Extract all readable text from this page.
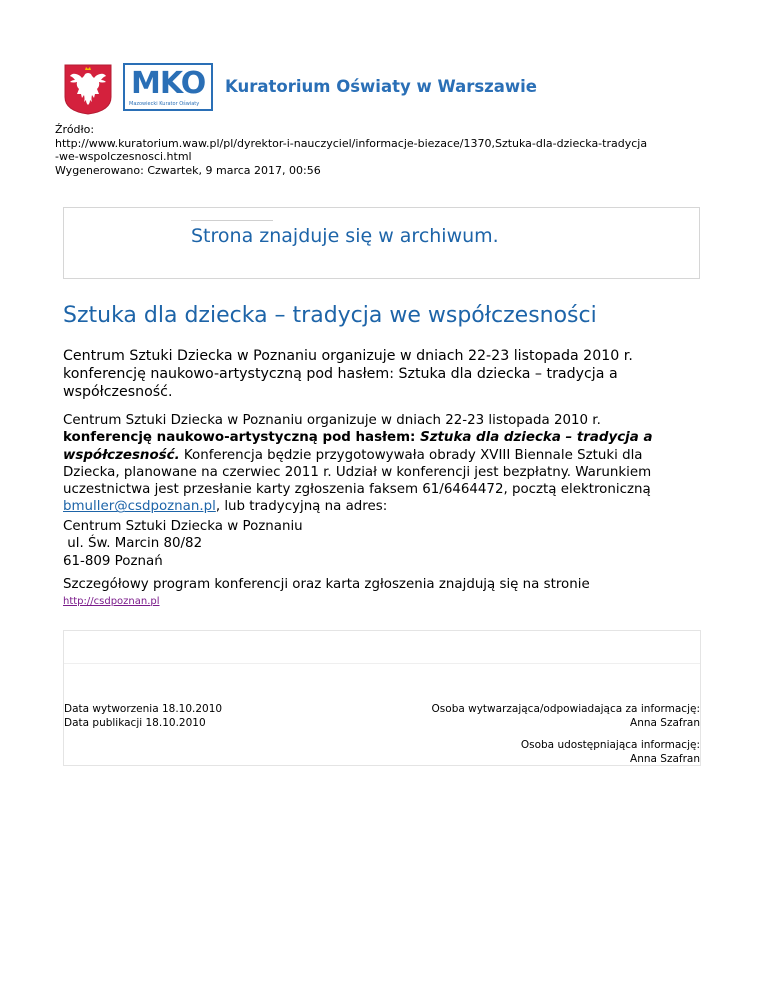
MKO
Mazowiecki Kurator Oświaty
Kuratorium Oświaty w Warszawie
Źródło:
http://www.kuratorium.waw.pl/pl/dyrektor-i-nauczyciel/informacje-biezace/1370,Sztuka-dla-dziecka-tradycja
-we-wspolczesnosci.html
Wygenerowano: Czwartek, 9 marca 2017, 00:56
Strona znajduje się w archiwum.
Sztuka dla dziecka – tradycja we współczesności

Centrum Sztuki Dziecka w Poznaniu organizuje w dniach 22-23 listopada 2010 r. konferencję naukowo-artystyczną pod hasłem: Sztuka dla dziecka – tradycja a współczesność.

Centrum Sztuki Dziecka w Poznaniu organizuje w dniach 22-23 listopada 2010 r.
konferencję naukowo-artystyczną pod hasłem: Sztuka dla dziecka – tradycja a współczesność. Konferencja będzie przygotowywała obrady XVIII Biennale Sztuki dla Dziecka, planowane na czerwiec 2011 r. Udział w konferencji jest bezpłatny. Warunkiem uczestnictwa jest przesłanie karty zgłoszenia faksem 61/6464472, pocztą elektroniczną bmuller@csdpoznan.pl, lub tradycyjną na adres:

Centrum Sztuki Dziecka w Poznaniu
ul. Św. Marcin 80/82
61-809 Poznań

Szczegółowy program konferencji oraz karta zgłoszenia znajdują się na stronie

http://csdpoznan.pl
Data wytworzenia 18.10.2010
Data publikacji 18.10.2010
Osoba wytwarzająca/odpowiadająca za informację:
Anna Szafran
Osoba udostępniająca informację:
Anna Szafran
